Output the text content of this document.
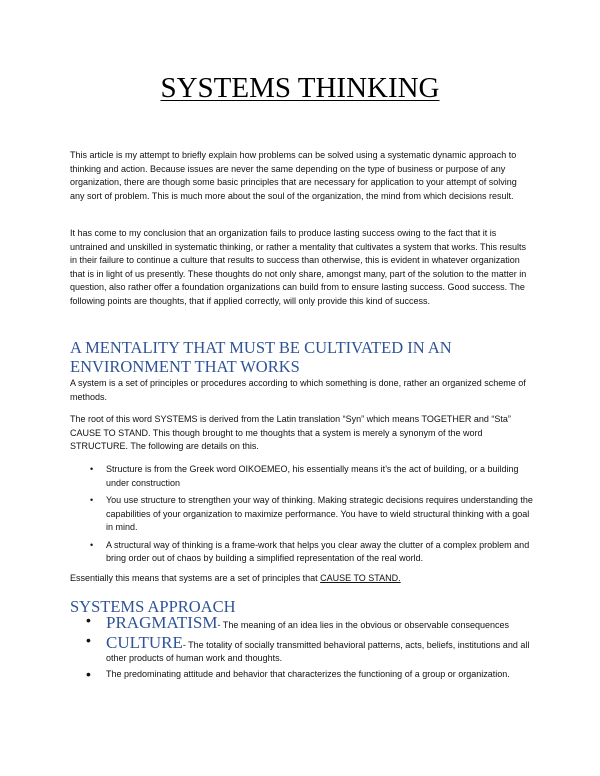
SYSTEMS THINKING

This article is my attempt to briefly explain how problems can be solved using a systematic dynamic approach to thinking and action. Because issues are never the same depending on the type of business or purpose of any organization, there are though some basic principles that are necessary for application to your attempt of solving any sort of problem. This is much more about the soul of the organization, the mind from which decisions result.

It has come to my conclusion that an organization fails to produce lasting success owing to the fact that it is untrained and unskilled in systematic thinking, or rather a mentality that cultivates a system that works. This results in their failure to continue a culture that results to success than otherwise, this is evident in whatever organization that is in light of us presently. These thoughts do not only share, amongst many, part of the solution to the matter in question, also rather offer a foundation organizations can build from to ensure lasting success. Good success. The following points are thoughts, that if applied correctly, will only provide this kind of success.

A MENTALITY THAT MUST BE CULTIVATED IN AN ENVIRONMENT THAT WORKS

A system is a set of principles or procedures according to which something is done, rather an organized scheme of methods.

The root of this word SYSTEMS is derived from the Latin translation “Syn” which means TOGETHER and “Sta” CAUSE TO STAND. This though brought to me thoughts that a system is merely a synonym of the word STRUCTURE. The following are details on this.

• Structure is from the Greek word OIKOEMEO, his essentially means it’s the act of building, or a building under construction
• You use structure to strengthen your way of thinking. Making strategic decisions requires understanding the capabilities of your organization to maximize performance. You have to wield structural thinking with a goal in mind.
• A structural way of thinking is a frame-work that helps you clear away the clutter of a complex problem and bring order out of chaos by building a simplified representation of the real world.

Essentially this means that systems are a set of principles that CAUSE TO STAND.

SYSTEMS APPROACH
• PRAGMATISM- The meaning of an idea lies in the obvious or observable consequences
• CULTURE- The totality of socially transmitted behavioral patterns, acts, beliefs, institutions and all other products of human work and thoughts.
• The predominating attitude and behavior that characterizes the functioning of a group or organization.
